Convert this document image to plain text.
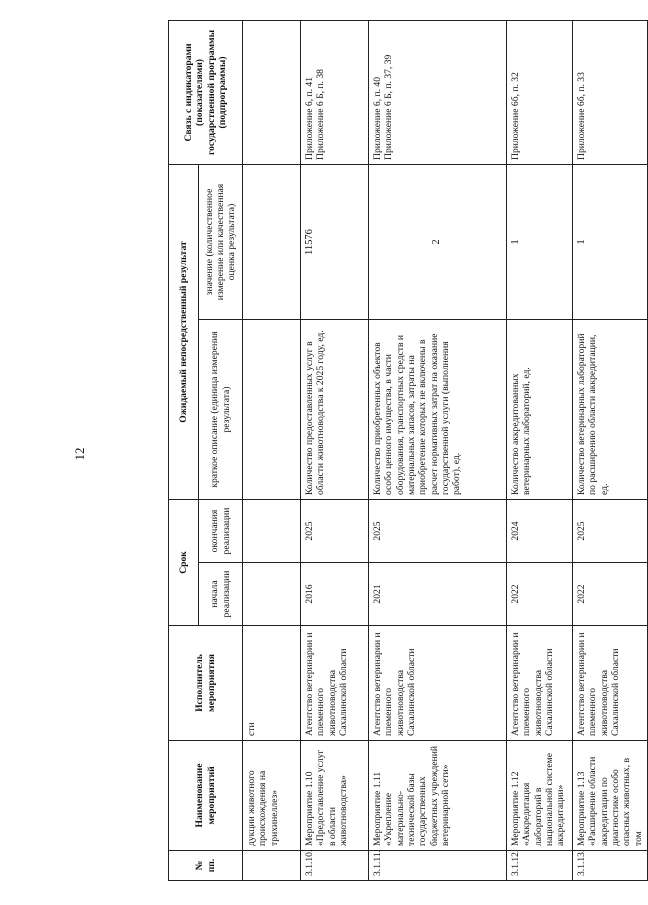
12
№ пп.	Наименование мероприятий	Исполнитель мероприятия	Срок		Ожидаемый непосредственный результат		Связь с индикаторами (показателями) государственной программы (подпрограммы)
			начала реализации	окончания реализации	краткое описание (единица измерения результата)	значение (количественное измерение или качественная оценка результата)	
	дукции животного происхождения на трихинеллез»	сти					
3.1.10.	Мероприятие 1.10 «Предоставление услуг в области животноводства»	Агентство ветеринарии и племенного животноводства Сахалинской области	2016	2025	Количество предоставленных услуг в области животноводства к 2025 году, ед.	11576	Приложение 6, п. 41 Приложение 6 Б, п. 38
3.1.11.	Мероприятие 1.11 «Укрепление материально-технической базы государственных бюджетных учреждений ветеринарной сети»	Агентство ветеринарии и племенного животноводства Сахалинской области	2021	2025	Количество приобретенных объектов особо ценного имущества, в части оборудования, транспортных средств и материальных запасов, затраты на приобретение которых не включены в расчет нормативных затрат на оказание государственной услуги (выполнения работ), ед.	2	Приложение 6, п. 40 Приложение 6 Б, п. 37, 39
3.1.12.	Мероприятие 1.12 «Аккредитация лабораторий в национальной системе аккредитации»	Агентство ветеринарии и племенного животноводства Сахалинской области	2022	2024	Количество аккредитованных ветеринарных лабораторий, ед.	1	Приложение 6б, п. 32
3.1.13.	Мероприятие 1.13 «Расширение области аккредитации по диагностике особо опасных животных, в том	Агентство ветеринарии и племенного животноводства Сахалинской области	2022	2025	Количество ветеринарных лабораторий по расширению области аккредитации, ед.	1	Приложение 6б, п. 33
